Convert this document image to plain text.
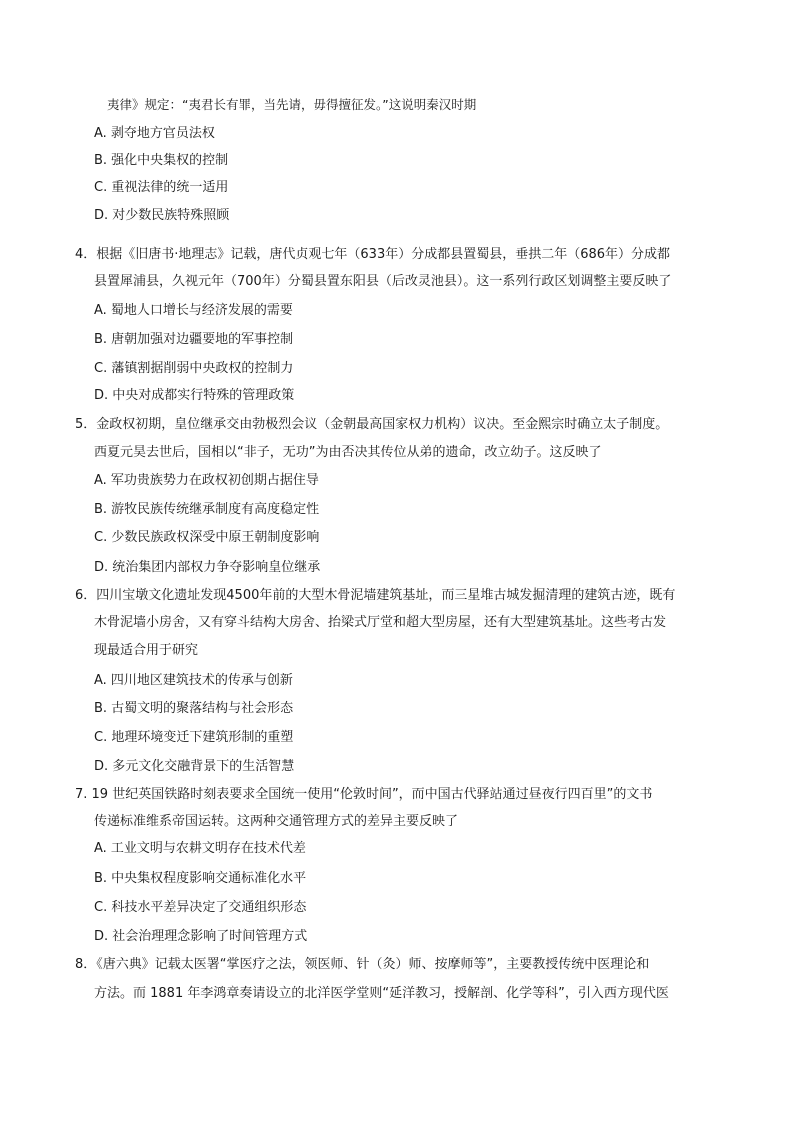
夷律》规定：“夷君长有罪，当先请，毋得擅征发。”这说明秦汉时期
A. 剥夺地方官员法权
B. 强化中央集权的控制
C. 重视法律的统一适用
D. 对少数民族特殊照顾
4．根据《旧唐书·地理志》记载，唐代贞观七年（633年）分成都县置蜀县，垂拱二年（686年）分成都
县置犀浦县，久视元年（700年）分蜀县置东阳县（后改灵池县）。这一系列行政区划调整主要反映了
A. 蜀地人口增长与经济发展的需要
B. 唐朝加强对边疆要地的军事控制
C. 藩镇割据削弱中央政权的控制力
D. 中央对成都实行特殊的管理政策
5．金政权初期，皇位继承交由勃极烈会议（金朝最高国家权力机构）议决。至金熙宗时确立太子制度。
西夏元昊去世后，国相以“非子，无功”为由否决其传位从弟的遗命，改立幼子。这反映了
A. 军功贵族势力在政权初创期占据住导
B. 游牧民族传统继承制度有高度稳定性
C. 少数民族政权深受中原王朝制度影响
D. 统治集团内部权力争夺影响皇位继承
6．四川宝墩文化遗址发现4500年前的大型木骨泥墙建筑基址，而三星堆古城发掘清理的建筑古迹，既有
木骨泥墙小房舍，又有穿斗结构大房舍、抬梁式厅堂和超大型房屋，还有大型建筑基址。这些考古发
现最适合用于研究
A. 四川地区建筑技术的传承与创新
B. 古蜀文明的聚落结构与社会形态
C. 地理环境变迁下建筑形制的重塑
D. 多元文化交融背景下的生活智慧
7. 19 世纪英国铁路时刻表要求全国统一使用“伦敦时间”，而中国古代驿站通过昼夜行四百里”的文书
传递标准维系帝国运转。这两种交通管理方式的差异主要反映了
A. 工业文明与农耕文明存在技术代差
B. 中央集权程度影响交通标准化水平
C. 科技水平差异决定了交通组织形态
D. 社会治理理念影响了时间管理方式
8．《唐六典》记载太医署“掌医疗之法，领医师、针（灸）师、按摩师等”，主要教授传统中医理论和
方法。而 1881 年李鸿章奏请设立的北洋医学堂则“延洋教习，授解剖、化学等科”，引入西方现代医
